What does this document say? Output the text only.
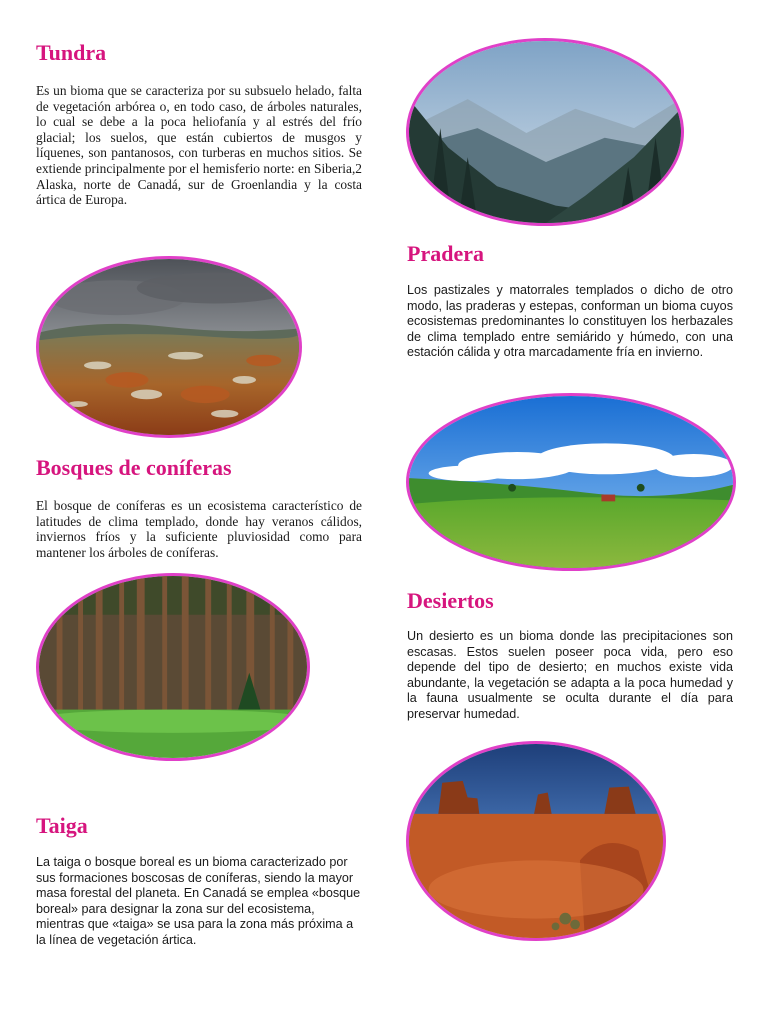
Tundra

Es un bioma que se caracteriza por su subsuelo helado, falta de vegetación arbórea o, en todo caso, de árboles naturales, lo cual se debe a la poca heliofanía y al estrés del frío glacial; los suelos, que están cubiertos de musgos y líquenes, son pantanosos, con turberas en muchos sitios. Se extiende principalmente por el hemisferio norte: en Siberia,2 Alaska, norte de Canadá, sur de Groenlandia y la costa ártica de Europa.

Bosques de coníferas

El bosque de coníferas es un ecosistema característico de latitudes de clima templado, donde hay veranos cálidos, inviernos fríos y la suficiente pluviosidad como para mantener los árboles de coníferas.

Taiga

La taiga o bosque boreal es un bioma caracterizado por sus formaciones boscosas de coníferas, siendo la mayor masa forestal del planeta. En Canadá se emplea «bosque boreal» para designar la zona sur del ecosistema, mientras que «taiga» se usa para la zona más próxima a la línea de vegetación ártica.

Pradera

Los pastizales y matorrales templados o dicho de otro modo, las praderas y estepas, conforman un bioma cuyos ecosistemas predominantes lo constituyen los herbazales de clima templado entre semiárido y húmedo, con una estación cálida y otra marcadamente fría en invierno.

Desiertos

Un desierto es un bioma donde las precipitaciones son escasas. Estos suelen poseer poca vida, pero eso depende del tipo de desierto; en muchos existe vida abundante, la vegetación se adapta a la poca humedad y la fauna usualmente se oculta durante el día para preservar humedad.
